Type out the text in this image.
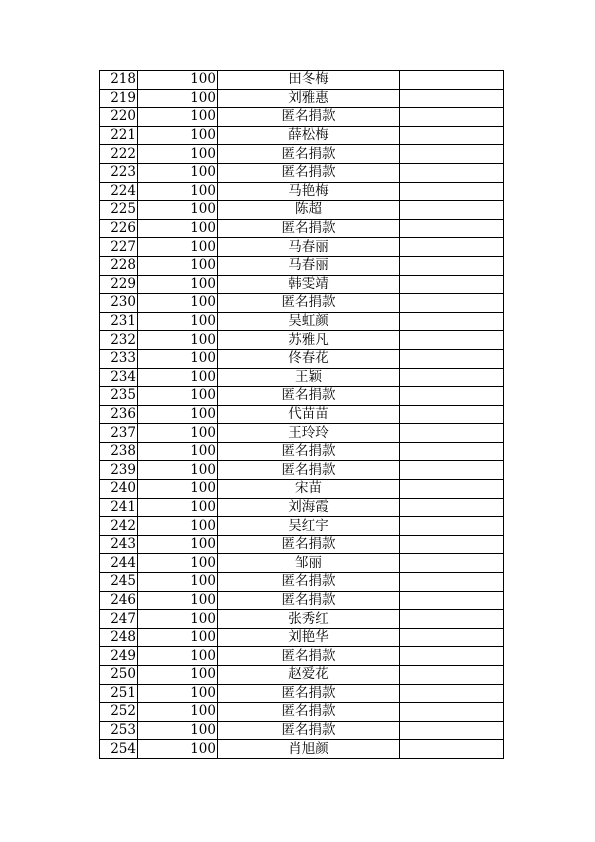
218	100	田冬梅	
219	100	刘雅惠	
220	100	匿名捐款	
221	100	薛松梅	
222	100	匿名捐款	
223	100	匿名捐款	
224	100	马艳梅	
225	100	陈超	
226	100	匿名捐款	
227	100	马春丽	
228	100	马春丽	
229	100	韩雯靖	
230	100	匿名捐款	
231	100	吴虹颜	
232	100	苏雅凡	
233	100	佟春花	
234	100	王颖	
235	100	匿名捐款	
236	100	代苗苗	
237	100	王玲玲	
238	100	匿名捐款	
239	100	匿名捐款	
240	100	宋苗	
241	100	刘海霞	
242	100	吴红宇	
243	100	匿名捐款	
244	100	邹丽	
245	100	匿名捐款	
246	100	匿名捐款	
247	100	张秀红	
248	100	刘艳华	
249	100	匿名捐款	
250	100	赵爱花	
251	100	匿名捐款	
252	100	匿名捐款	
253	100	匿名捐款	
254	100	肖旭颜	
